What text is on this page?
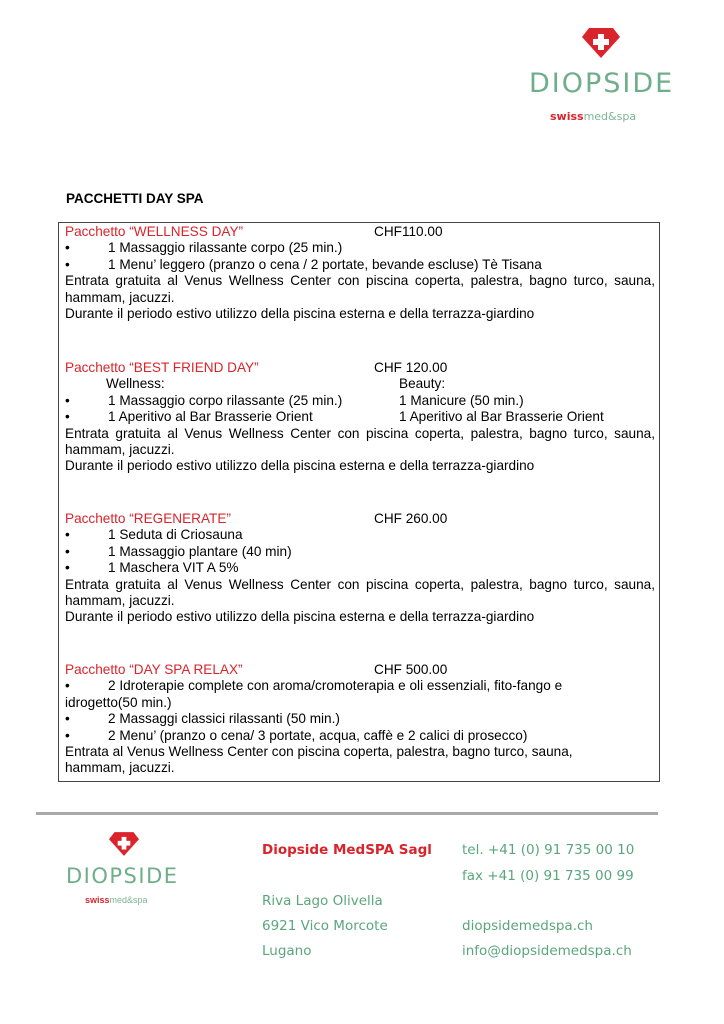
DIOPSIDE
swissmed&spa
PACCHETTI DAY SPA
Pacchetto “WELLNESS DAY”	CHF110.00
•	1 Massaggio rilassante corpo (25 min.)
•	1 Menu’ leggero (pranzo o cena / 2 portate, bevande escluse) Tè Tisana
Entrata gratuita al Venus Wellness Center con piscina coperta, palestra, bagno turco, sauna, hammam, jacuzzi.
Durante il periodo estivo utilizzo della piscina esterna e della terrazza-giardino
Pacchetto “BEST FRIEND DAY”	CHF 120.00
Wellness:	Beauty:
•	1 Massaggio corpo rilassante (25 min.)	1 Manicure (50 min.)
•	1 Aperitivo al Bar Brasserie Orient	1 Aperitivo al Bar Brasserie Orient
Entrata gratuita al Venus Wellness Center con piscina coperta, palestra, bagno turco, sauna, hammam, jacuzzi.
Durante il periodo estivo utilizzo della piscina esterna e della terrazza-giardino
Pacchetto “REGENERATE”	CHF 260.00
•	1 Seduta di Criosauna
•	1 Massaggio plantare (40 min)
•	1 Maschera VIT A 5%
Entrata gratuita al Venus Wellness Center con piscina coperta, palestra, bagno turco, sauna, hammam, jacuzzi.
Durante il periodo estivo utilizzo della piscina esterna e della terrazza-giardino
Pacchetto “DAY SPA RELAX”	CHF 500.00
•	2 Idroterapie complete con aroma/cromoterapia e oli essenziali, fito-fango e
idrogetto(50 min.)
•	2 Massaggi classici rilassanti (50 min.)
•	2 Menu’ (pranzo o cena/ 3 portate, acqua, caffè e 2 calici di prosecco)
Entrata al Venus Wellness Center con piscina coperta, palestra, bagno turco, sauna,
hammam, jacuzzi.
DIOPSIDE
swissmed&spa
Diopside MedSPA Sagl
Riva Lago Olivella
6921 Vico Morcote
Lugano
tel. +41 (0) 91 735 00 10
fax +41 (0) 91 735 00 99
diopsidemedspa.ch
info@diopsidemedspa.ch
